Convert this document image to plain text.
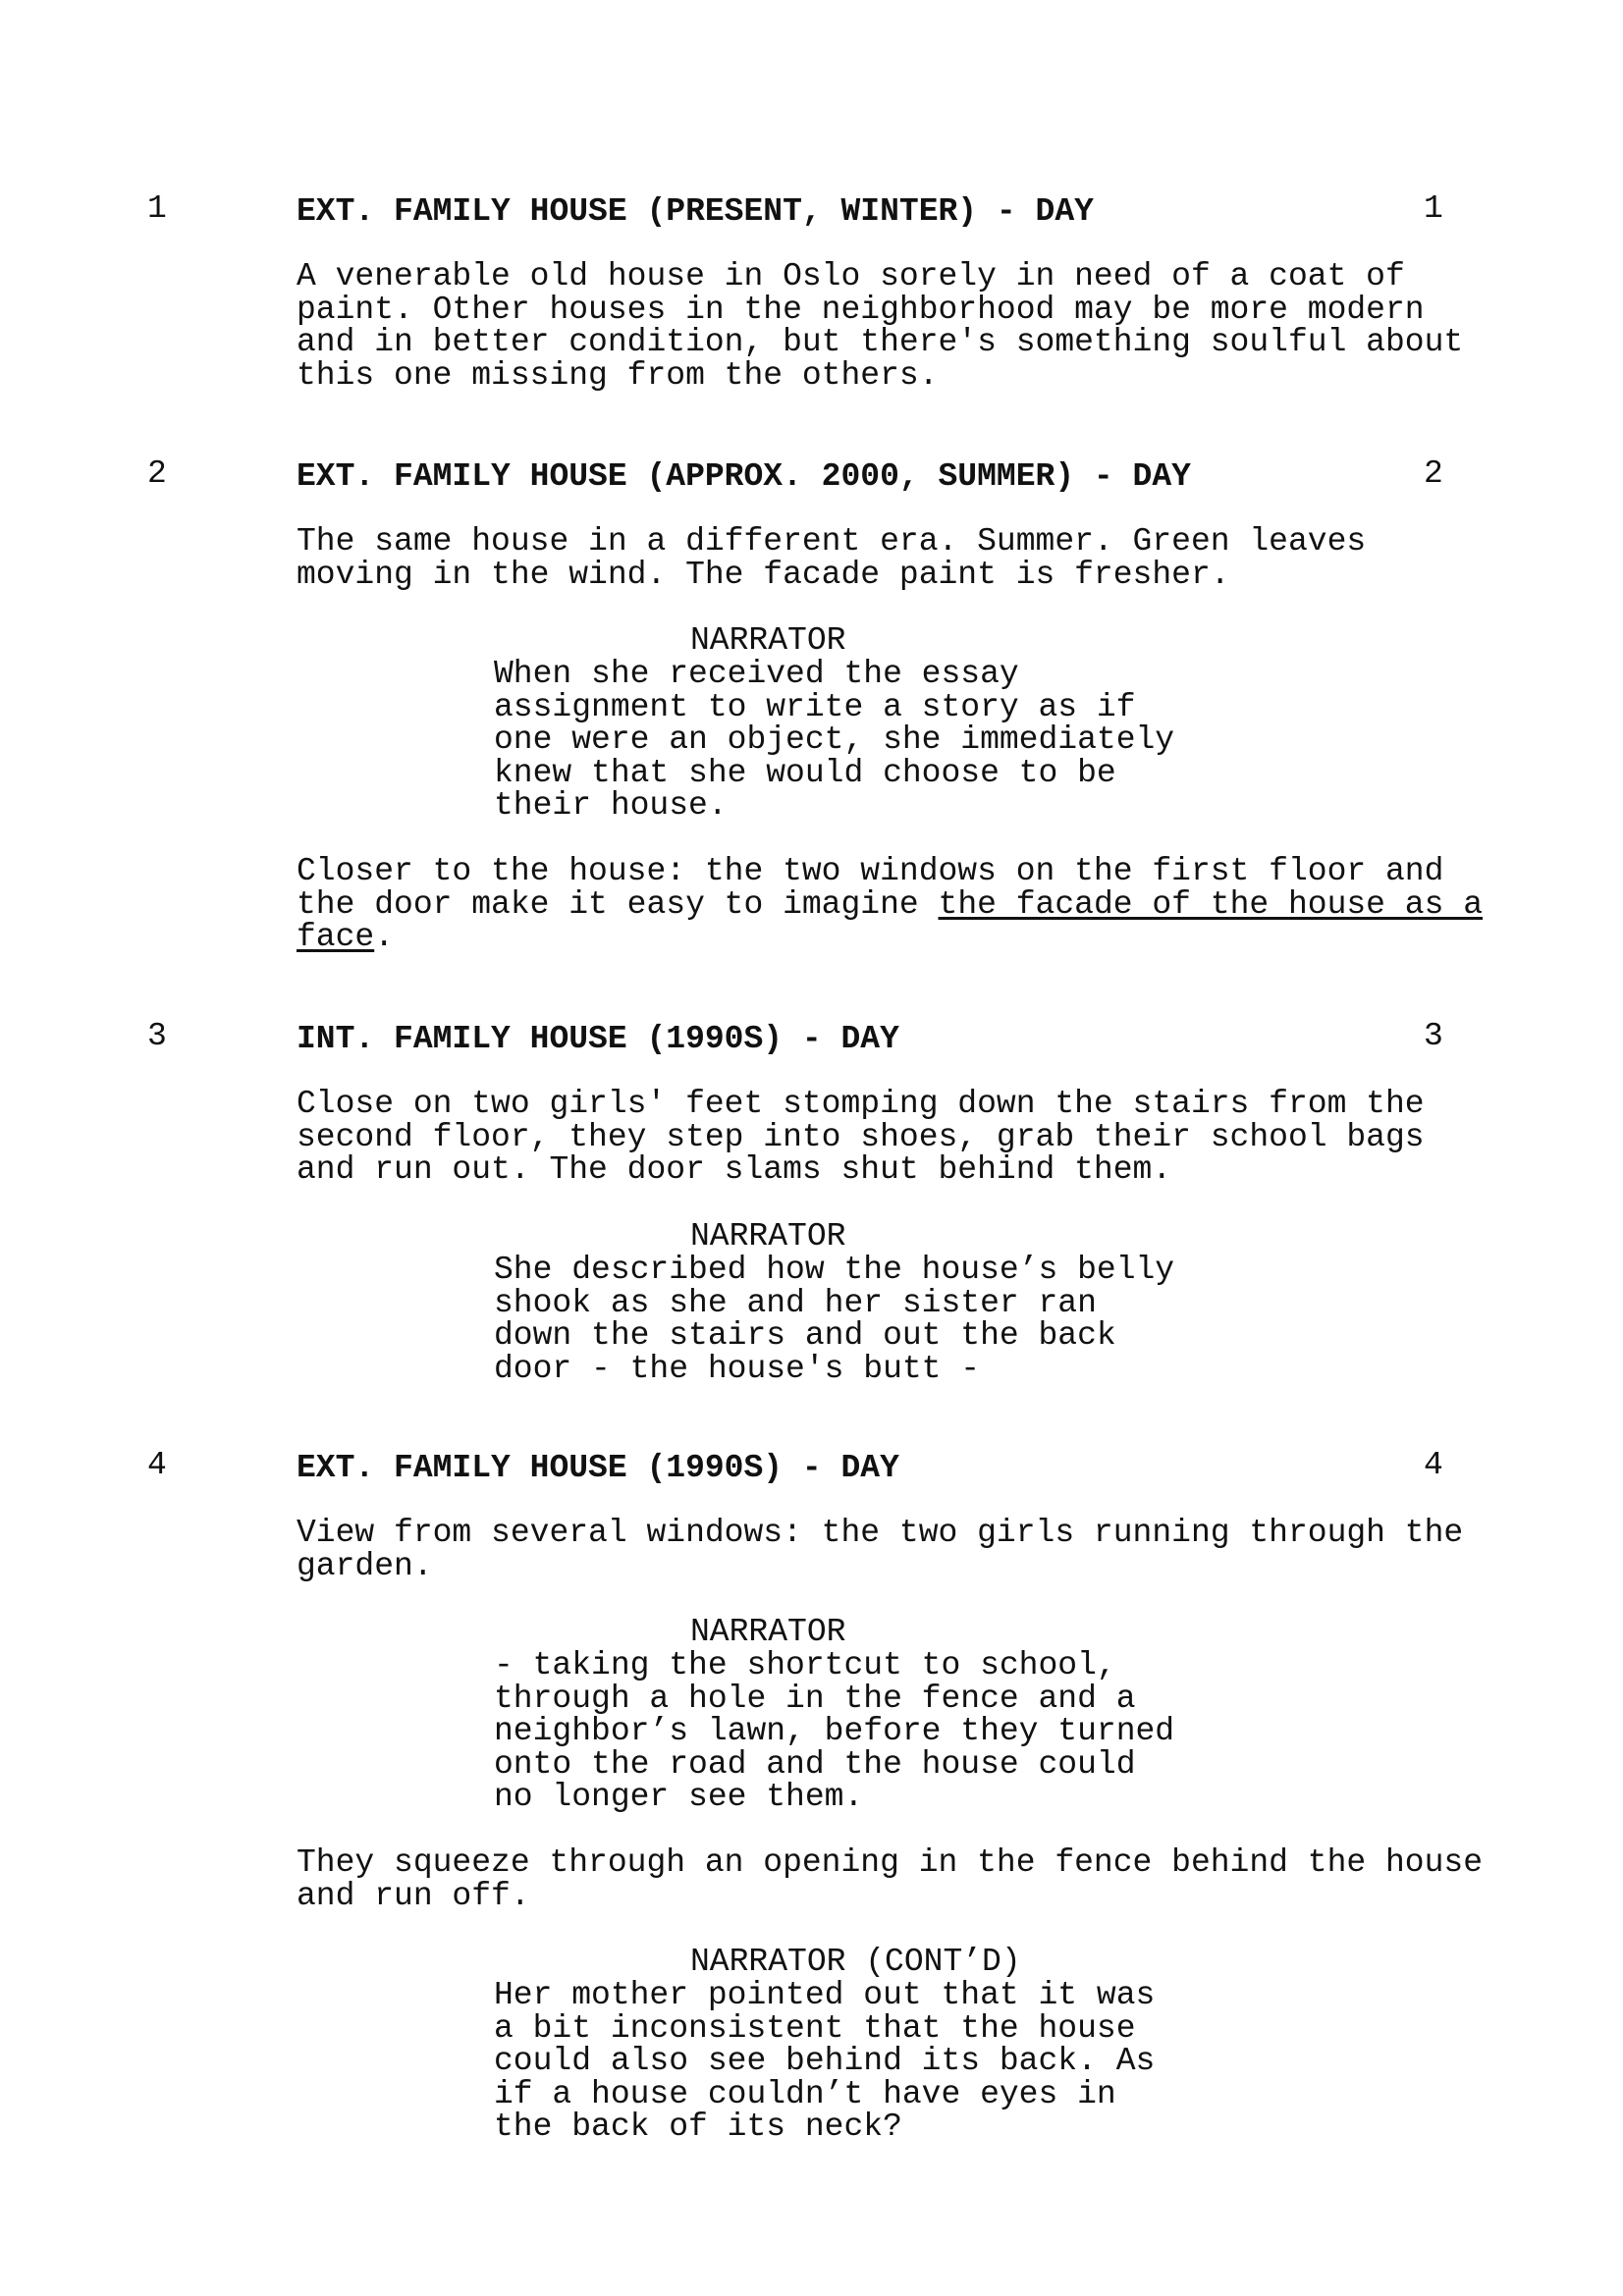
1	EXT. FAMILY HOUSE (PRESENT, WINTER) - DAY	1
A venerable old house in Oslo sorely in need of a coat of
paint. Other houses in the neighborhood may be more modern
and in better condition, but there's something soulful about
this one missing from the others.
2	EXT. FAMILY HOUSE (APPROX. 2000, SUMMER) - DAY	2
The same house in a different era. Summer. Green leaves
moving in the wind. The facade paint is fresher.
NARRATOR
When she received the essay
assignment to write a story as if
one were an object, she immediately
knew that she would choose to be
their house.
Closer to the house: the two windows on the first floor and
the door make it easy to imagine the facade of the house as a
face.
3	INT. FAMILY HOUSE (1990S) - DAY	3
Close on two girls' feet stomping down the stairs from the
second floor, they step into shoes, grab their school bags
and run out. The door slams shut behind them.
NARRATOR
She described how the house’s belly
shook as she and her sister ran
down the stairs and out the back
door - the house's butt -
4	EXT. FAMILY HOUSE (1990S) - DAY	4
View from several windows: the two girls running through the
garden.
NARRATOR
- taking the shortcut to school,
through a hole in the fence and a
neighbor’s lawn, before they turned
onto the road and the house could
no longer see them.
They squeeze through an opening in the fence behind the house
and run off.
NARRATOR (CONT’D)
Her mother pointed out that it was
a bit inconsistent that the house
could also see behind its back. As
if a house couldn’t have eyes in
the back of its neck?
